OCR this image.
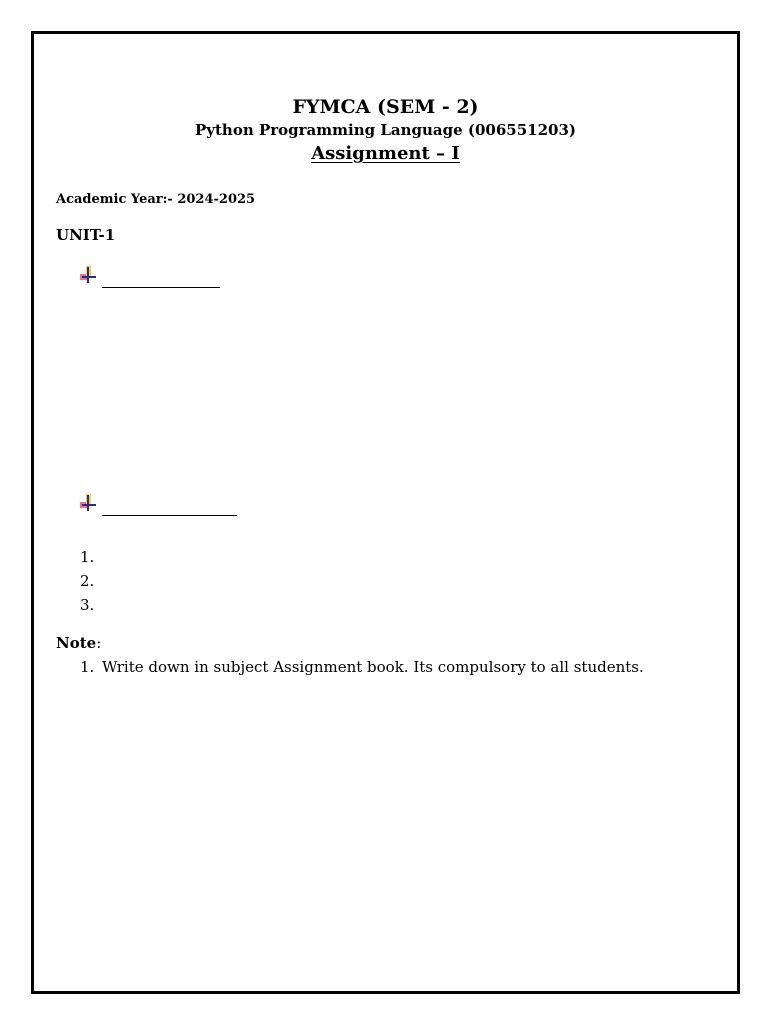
FYMCA (SEM - 2)
Python Programming Language (006551203)
Assignment – I
Academic Year:- 2024-2025
UNIT-1
1.
2.
3.
Note:
1. Write down in subject Assignment book. Its compulsory to all students.
